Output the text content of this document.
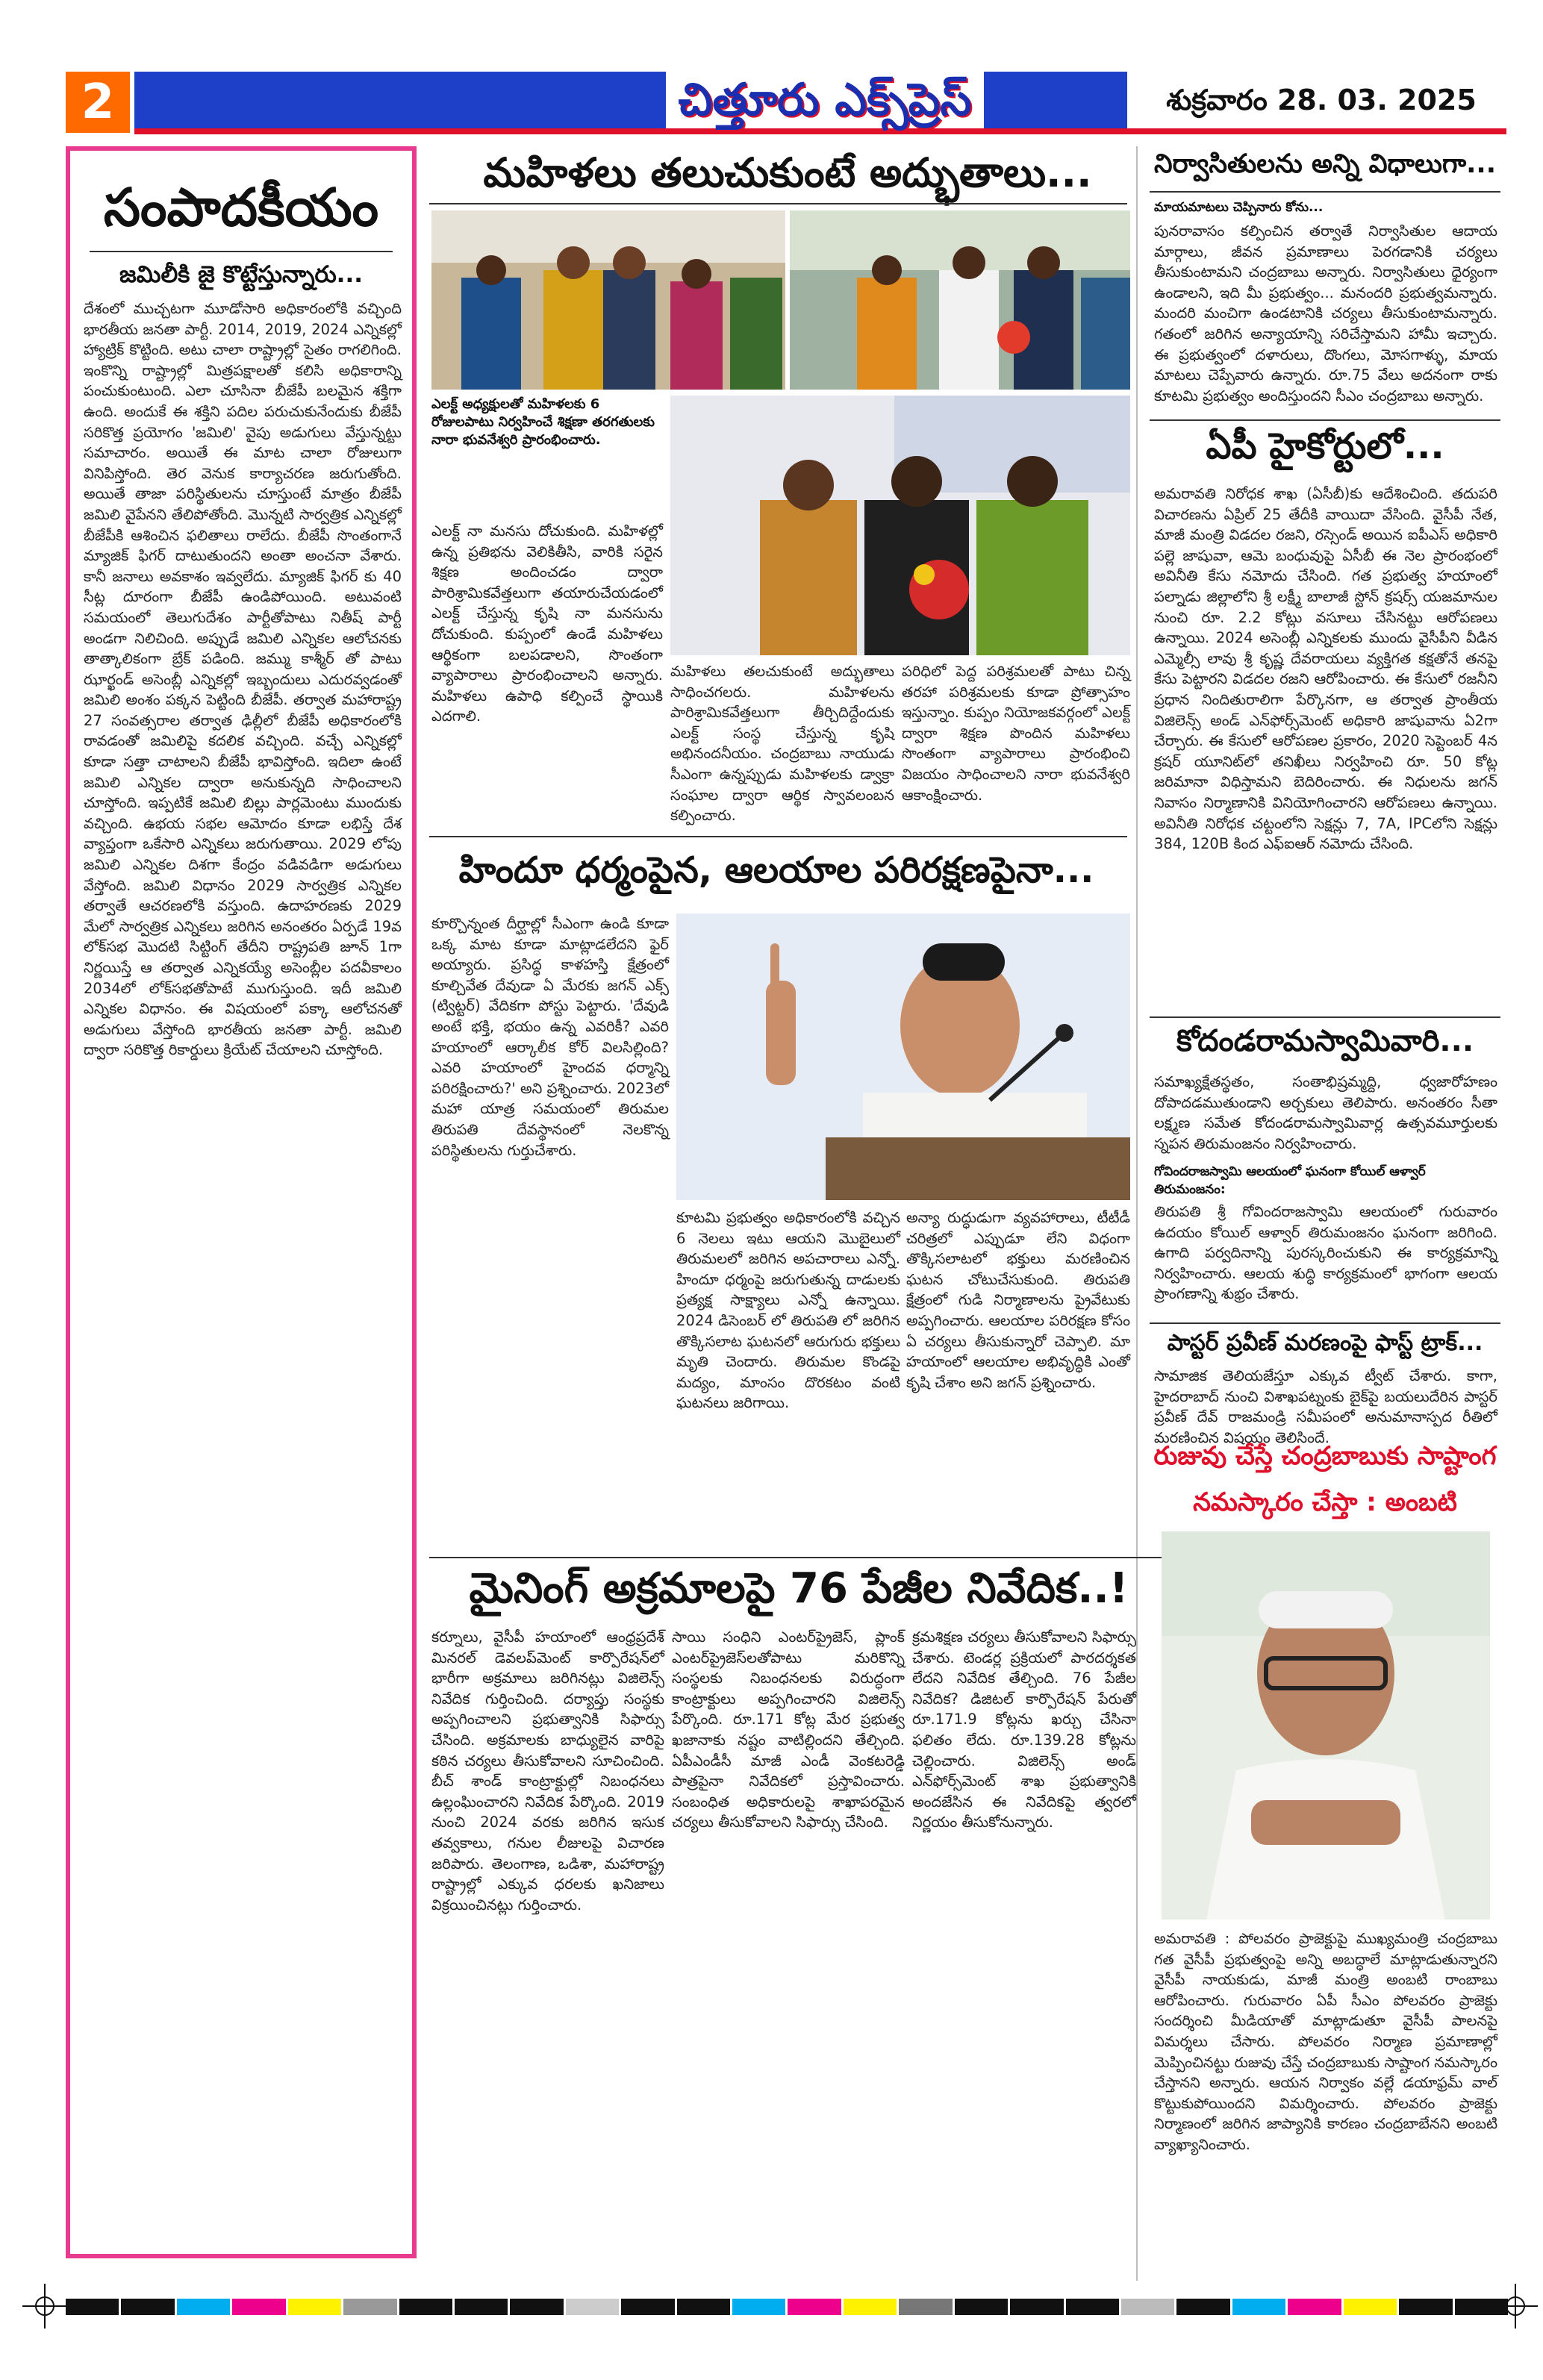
2	చిత్తూరు ఎక్స్‌ప్రెస్	శుక్రవారం 28. 03. 2025
సంపాదకీయం
జమిలీకి జై కొట్టేస్తున్నారు...
దేశంలో ముచ్చటగా మూడోసారి అధికారంలోకి వచ్చింది భారతీయ జనతా పార్టీ. 2014, 2019, 2024 ఎన్నికల్లో హ్యాట్రిక్ కొట్టింది. అటు చాలా రాష్ట్రాల్లో సైతం రాగలిగింది. ఇంకొన్ని రాష్ట్రాల్లో మిత్రపక్షాలతో కలిసి అధికారాన్ని పంచుకుంటుంది. ఎలా చూసినా బీజేపీ బలమైన శక్తిగా ఉంది. అందుకే ఈ శక్తిని పదిల పరుచుకునేందుకు బీజేపీ సరికొత్త ప్రయోగం 'జమిలి' వైపు అడుగులు వేస్తున్నట్టు సమాచారం. అయితే ఈ మాట చాలా రోజులుగా వినిపిస్తోంది. తెర వెనుక కార్యాచరణ జరుగుతోంది. అయితే తాజా పరిస్థితులను చూస్తుంటే మాత్రం బీజేపీ జమిలి వైపేనని తేలిపోతోంది. మొన్నటి సార్వత్రిక ఎన్నికల్లో బీజేపీకి ఆశించిన ఫలితాలు రాలేదు. బీజేపీ సొంతంగానే మ్యాజిక్ ఫిగర్ దాటుతుందని అంతా అంచనా వేశారు. కానీ జనాలు అవకాశం ఇవ్వలేదు. మ్యాజిక్ ఫిగర్ కు 40 సీట్ల దూరంగా బీజేపీ ఉండిపోయింది. అటువంటి సమయంలో తెలుగుదేశం పార్టీతోపాటు నితీష్ పార్టీ అండగా నిలిచింది. అప్పుడే జమిలి ఎన్నికల ఆలోచనకు తాత్కాలికంగా బ్రేక్ పడింది. జమ్ము కాశ్మీర్ తో పాటు ఝార్ఖండ్ అసెంబ్లీ ఎన్నికల్లో ఇబ్బందులు ఎదురవ్వడంతో జమిలి అంశం పక్కన పెట్టింది బీజేపీ. తర్వాత మహారాష్ట్ర 27 సంవత్సరాల తర్వాత ఢిల్లీలో బీజేపీ అధికారంలోకి రావడంతో జమిలిపై కదలిక వచ్చింది. వచ్చే ఎన్నికల్లో కూడా సత్తా చాటాలని బీజేపీ భావిస్తోంది. ఇదిలా ఉంటే జమిలి ఎన్నికల ద్వారా అనుకున్నది సాధించాలని చూస్తోంది. ఇప్పటికే జమిలి బిల్లు పార్లమెంటు ముందుకు వచ్చింది. ఉభయ సభల ఆమోదం కూడా లభిస్తే దేశ వ్యాప్తంగా ఒకేసారి ఎన్నికలు జరుగుతాయి. 2029 లోపు జమిలి ఎన్నికల దిశగా కేంద్రం వడివడిగా అడుగులు వేస్తోంది. జమిలి విధానం 2029 సార్వత్రిక ఎన్నికల తర్వాతే ఆచరణలోకి వస్తుంది. ఉదాహరణకు 2029 మేలో సార్వత్రిక ఎన్నికలు జరిగిన అనంతరం ఏర్పడే 19వ లోక్‌సభ మొదటి సిట్టింగ్ తేదీని రాష్ట్రపతి జూన్ 1గా నిర్ణయిస్తే ఆ తర్వాత ఎన్నికయ్యే అసెంబ్లీల పదవీకాలం 2034లో లోక్‌సభతోపాటే ముగుస్తుంది. ఇదీ జమిలి ఎన్నికల విధానం. ఈ విషయంలో పక్కా ఆలోచనతో అడుగులు వేస్తోంది భారతీయ జనతా పార్టీ. జమిలి ద్వారా సరికొత్త రికార్డులు క్రియేట్ చేయాలని చూస్తోంది.
మహిళలు తలుచుకుంటే అద్భుతాలు...
ఎలక్ట్ అధ్యక్షులతో మహిళలకు 6 రోజులపాటు నిర్వహించే శిక్షణా తరగతులకు నారా భువనేశ్వరి ప్రారంభించారు.
ఎలక్ట్ నా మనసు దోచుకుంది. మహిళల్లో ఉన్న ప్రతిభను వెలికితీసి, వారికి సరైన శిక్షణ అందించడం ద్వారా పారిశ్రామికవేత్తలుగా తయారుచేయడంలో ఎలక్ట్ చేస్తున్న కృషి నా మనసును దోచుకుంది. కుప్పంలో ఉండే మహిళలు ఆర్థికంగా బలపడాలని, సొంతంగా వ్యాపారాలు ప్రారంభించాలని అన్నారు. మహిళలు ఉపాధి కల్పించే స్థాయికి ఎదగాలి.
మహిళలు తలచుకుంటే అద్భుతాలు సాధించగలరు. మహిళలను పారిశ్రామికవేత్తలుగా తీర్చిదిద్దేందుకు ఎలక్ట్ సంస్థ చేస్తున్న కృషి అభినందనీయం. చంద్రబాబు నాయుడు సీఎంగా ఉన్నప్పుడు మహిళలకు డ్వాక్రా సంఘాల ద్వారా ఆర్థిక స్వావలంబన కల్పించారు.
పరిధిలో పెద్ద పరిశ్రమలతో పాటు చిన్న తరహా పరిశ్రమలకు కూడా ప్రోత్సాహం ఇస్తున్నాం. కుప్పం నియోజకవర్గంలో ఎలక్ట్ ద్వారా శిక్షణ పొందిన మహిళలు సొంతంగా వ్యాపారాలు ప్రారంభించి విజయం సాధించాలని నారా భువనేశ్వరి ఆకాంక్షించారు.
హిందూ ధర్మంపైన, ఆలయాల పరిరక్షణపైనా...
కూర్చొన్నంత దీర్ఘాల్లో సీఎంగా ఉండి కూడా ఒక్క మాట కూడా మాట్లాడలేదని ఫైర్ అయ్యారు. ప్రసిద్ధ కాళహస్తి క్షేత్రంలో కూల్చివేత దేవుడా ఏ మేరకు జగన్ ఎక్స్ (ట్విట్టర్) వేదికగా పోస్టు పెట్టారు. 'దేవుడి అంటే భక్తి, భయం ఉన్న ఎవరికీ? ఎవరి హయాంలో ఆర్కాలీక కోర్ విలసిల్లింది? ఎవరి హయాంలో హైందవ ధర్మాన్ని పరిరక్షించారు?' అని ప్రశ్నించారు. 2023లో మహా యాత్ర సమయంలో తిరుమల తిరుపతి దేవస్థానంలో నెలకొన్న పరిస్థితులను గుర్తుచేశారు.
కూటమి ప్రభుత్వం అధికారంలోకి వచ్చిన 6 నెలలు ఇటు ఆయని మొబైలులో తిరుమలలో జరిగిన అపచారాలు ఎన్నో. హిందూ ధర్మంపై జరుగుతున్న దాడులకు ప్రత్యక్ష సాక్ష్యాలు ఎన్నో ఉన్నాయి. 2024 డిసెంబర్ లో తిరుపతి లో జరిగిన తొక్కిసలాట ఘటనలో ఆరుగురు భక్తులు మృతి చెందారు. తిరుమల కొండపై మద్యం, మాంసం దొరకటం వంటి ఘటనలు జరిగాయి.
అన్యా రుద్ధుడుగా వ్యవహారాలు, టీటీడీ చరిత్రలో ఎప్పుడూ లేని విధంగా తొక్కిసలాటలో భక్తులు మరణించిన ఘటన చోటుచేసుకుంది. తిరుపతి క్షేత్రంలో గుడి నిర్మాణాలను ప్రైవేటుకు అప్పగించారు. ఆలయాల పరిరక్షణ కోసం ఏ చర్యలు తీసుకున్నారో చెప్పాలి. మా హయాంలో ఆలయాల అభివృద్ధికి ఎంతో కృషి చేశాం అని జగన్ ప్రశ్నించారు.
మైనింగ్ అక్రమాలపై 76 పేజీల నివేదిక..!
కర్నూలు, వైసీపీ హయాంలో ఆంధ్రప్రదేశ్ మినరల్ డెవలప్‌మెంట్ కార్పొరేషన్‌లో భారీగా అక్రమాలు జరిగినట్లు విజిలెన్స్ నివేదిక గుర్తించింది. దర్యాప్తు సంస్థకు అప్పగించాలని ప్రభుత్వానికి సిఫార్సు చేసింది. అక్రమాలకు బాధ్యులైన వారిపై కఠిన చర్యలు తీసుకోవాలని సూచించింది. బీచ్ శాండ్ కాంట్రాక్టుల్లో నిబంధనలు ఉల్లంఘించారని నివేదిక పేర్కొంది. 2019 నుంచి 2024 వరకు జరిగిన ఇసుక తవ్వకాలు, గనుల లీజులపై విచారణ జరిపారు. తెలంగాణ, ఒడిశా, మహారాష్ట్ర రాష్ట్రాల్లో ఎక్కువ ధరలకు ఖనిజాలు విక్రయించినట్లు గుర్తించారు.
సాయి సంధిని ఎంటర్‌ప్రైజెస్, ప్లాంక్ ఎంటర్‌ప్రైజెస్‌లతోపాటు మరికొన్ని సంస్థలకు నిబంధనలకు విరుద్ధంగా కాంట్రాక్టులు అప్పగించారని విజిలెన్స్ పేర్కొంది. రూ.171 కోట్ల మేర ప్రభుత్వ ఖజానాకు నష్టం వాటిల్లిందని తేల్చింది. ఏపీఎండీసీ మాజీ ఎండీ వెంకటరెడ్డి పాత్రపైనా నివేదికలో ప్రస్తావించారు. సంబంధిత అధికారులపై శాఖాపరమైన చర్యలు తీసుకోవాలని సిఫార్సు చేసింది.
క్రమశిక్షణ చర్యలు తీసుకోవాలని సిఫార్సు చేశారు. టెండర్ల ప్రక్రియలో పారదర్శకత లేదని నివేదిక తేల్చింది. 76 పేజీల నివేదిక? డిజిటల్ కార్పొరేషన్ పేరుతో రూ.171.9 కోట్లను ఖర్చు చేసినా ఫలితం లేదు. రూ.139.28 కోట్లను చెల్లించారు. విజిలెన్స్ అండ్ ఎన్‌ఫోర్స్‌మెంట్ శాఖ ప్రభుత్వానికి అందజేసిన ఈ నివేదికపై త్వరలో నిర్ణయం తీసుకోనున్నారు.
నిర్వాసితులను అన్ని విధాలుగా...
మాయమాటలు చెప్పినారు కోను...
పునరావాసం కల్పించిన తర్వాతే నిర్వాసితుల ఆదాయ మార్గాలు, జీవన ప్రమాణాలు పెరగడానికి చర్యలు తీసుకుంటామని చంద్రబాబు అన్నారు. నిర్వాసితులు ధైర్యంగా ఉండాలని, ఇది మీ ప్రభుత్వం... మనందరి ప్రభుత్వమన్నారు. మందరి మంచిగా ఉండటానికి చర్యలు తీసుకుంటామన్నారు. గతంలో జరిగిన అన్యాయాన్ని సరిచేస్తామని హామీ ఇచ్చారు. ఈ ప్రభుత్వంలో దళారులు, దొంగలు, మోసగాళ్ళు, మాయ మాటలు చెప్పేవారు ఉన్నారు. రూ.75 వేలు అదనంగా రాకు కూటమి ప్రభుత్వం అందిస్తుందని సీఎం చంద్రబాబు అన్నారు.
ఏపీ హైకోర్టులో...
అమరావతి నిరోధక శాఖ (ఏసీబీ)కు ఆదేశించింది. తదుపరి విచారణను ఏప్రిల్ 25 తేదీకి వాయిదా వేసింది. వైసీపీ నేత, మాజీ మంత్రి విడదల రజని, రస్సెండ్ అయిన ఐపీఎస్ అధికారి పల్లె జాషువా, ఆమె బంధువుపై ఏసీబీ ఈ నెల ప్రారంభంలో అవినీతి కేసు నమోదు చేసింది. గత ప్రభుత్వ హయాంలో పల్నాడు జిల్లాలోని శ్రీ లక్ష్మీ బాలాజీ స్టోన్ క్రషర్స్ యజమానుల నుంచి రూ. 2.2 కోట్లు వసూలు చేసినట్టు ఆరోపణలు ఉన్నాయి. 2024 అసెంబ్లీ ఎన్నికలకు ముందు వైసీపీని వీడిన ఎమ్మెల్సీ లావు శ్రీ కృష్ణ దేవరాయలు వ్యక్తిగత కక్షతోనే తనపై కేసు పెట్టారని విడదల రజని ఆరోపించారు. ఈ కేసులో రజనీని ప్రధాన నిందితురాలిగా పేర్కొనగా, ఆ తర్వాత ప్రాంతీయ విజిలెన్స్ అండ్ ఎన్‌ఫోర్స్‌మెంట్ అధికారి జాషువాను ఏ2గా చేర్చారు. ఈ కేసులో ఆరోపణల ప్రకారం, 2020 సెప్టెంబర్ 4న క్రషర్ యూనిట్‌లో తనిఖీలు నిర్వహించి రూ. 50 కోట్ల జరిమానా విధిస్తామని బెదిరించారు. ఈ నిధులను జగన్ నివాసం నిర్మాణానికి వినియోగించారని ఆరోపణలు ఉన్నాయి. అవినీతి నిరోధక చట్టంలోని సెక్షన్లు 7, 7A, IPCలోని సెక్షన్లు 384, 120B కింద ఎఫ్‌ఐఆర్ నమోదు చేసింది.
కోదండరామస్వామివారి...
సమాఖ్యక్షేతస్థతం, సంతాభిష్రమ్మద్ది, ధ్వజారోహణం దోపాదడముతుండాని అర్చకులు తెలిపారు. అనంతరం సీతా లక్ష్మణ సమేత కోదండరామస్వామివార్ల ఉత్సవమూర్తులకు స్నపన తిరుమంజనం నిర్వహించారు.
గోవిందరాజస్వామి ఆలయంలో ఘనంగా కోయిల్ ఆళ్వార్ తిరుమంజనం:
తిరుపతి శ్రీ గోవిందరాజస్వామి ఆలయంలో గురువారం ఉదయం కోయిల్ ఆళ్వార్ తిరుమంజనం ఘనంగా జరిగింది. ఉగాది పర్వదినాన్ని పురస్కరించుకుని ఈ కార్యక్రమాన్ని నిర్వహించారు. ఆలయ శుద్ధి కార్యక్రమంలో భాగంగా ఆలయ ప్రాంగణాన్ని శుభ్రం చేశారు.
పాస్టర్ ప్రవీణ్ మరణంపై ఫాస్ట్ ట్రాక్...
సామాజిక తెలియజేస్తూ ఎక్కువ ట్వీట్ చేశారు. కాగా, హైదరాబాద్ నుంచి విశాఖపట్నంకు బైక్‌పై బయలుదేరిన పాస్టర్ ప్రవీణ్ దేవ్ రాజమండ్రి సమీపంలో అనుమానాస్పద రీతిలో మరణించిన విషయం తెలిసిందే.
రుజువు చేస్తే చంద్రబాబుకు సాష్టాంగ నమస్కారం చేస్తా : అంబటి
అమరావతి : పోలవరం ప్రాజెక్టుపై ముఖ్యమంత్రి చంద్రబాబు గత వైసీపీ ప్రభుత్వంపై అన్ని అబద్ధాలే మాట్లాడుతున్నారని వైసీపీ నాయకుడు, మాజీ మంత్రి అంబటి రాంబాబు ఆరోపించారు. గురువారం ఏపీ సీఎం పోలవరం ప్రాజెక్టు సందర్శించి మీడియాతో మాట్లాడుతూ వైసీపీ పాలనపై విమర్శలు చేసారు. పోలవరం నిర్మాణ ప్రమాణాల్లో మెప్పించినట్టు రుజువు చేస్తే చంద్రబాబుకు సాష్టాంగ నమస్కారం చేస్తానని అన్నారు. ఆయన నిర్వాకం వల్లే డయాఫ్రమ్ వాల్ కొట్టుకుపోయిందని విమర్శించారు. పోలవరం ప్రాజెక్టు నిర్మాణంలో జరిగిన జాప్యానికి కారణం చంద్రబాబేనని అంబటి వ్యాఖ్యానించారు.
